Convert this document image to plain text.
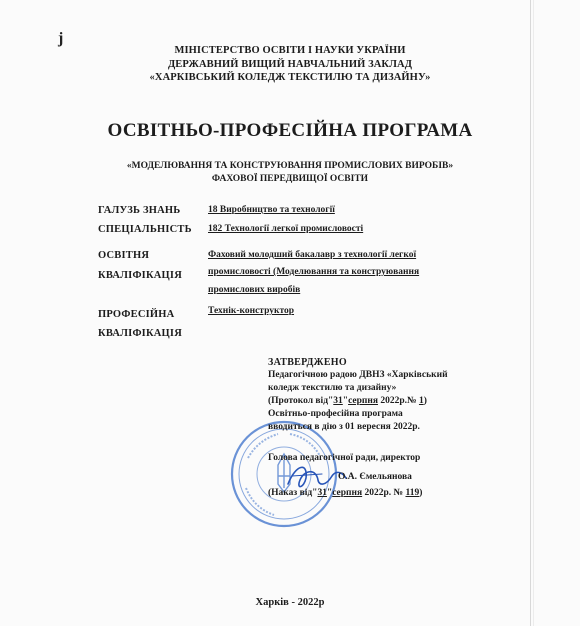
j
МІНІСТЕРСТВО ОСВІТИ І НАУКИ УКРАЇНИ
ДЕРЖАВНИЙ ВИЩИЙ НАВЧАЛЬНИЙ ЗАКЛАД
«ХАРКІВСЬКИЙ КОЛЕДЖ ТЕКСТИЛЮ ТА ДИЗАЙНУ»
ОСВІТНЬО-ПРОФЕСІЙНА ПРОГРАМА
«МОДЕЛЮВАННЯ ТА КОНСТРУЮВАННЯ ПРОМИСЛОВИХ ВИРОБІВ»
ФАХОВОЇ ПЕРЕДВИЩОЇ ОСВІТИ
ГАЛУЗЬ ЗНАНЬ	18 Виробництво та технології
СПЕЦІАЛЬНІСТЬ 182 Технології легкої промисловості
ОСВІТНЯ
КВАЛІФІКАЦІЯ
Фаховий молодший бакалавр з технології легкої
промисловості (Моделювання та конструювання
промислових виробів
ПРОФЕСІЙНА
КВАЛІФІКАЦІЯ
Технік-конструктор
ЗАТВЕРДЖЕНО
Педагогічною радою ДВНЗ «Харківський
коледж текстилю та дизайну»
(Протокол від"31"серпня 2022р.№ 1)
Освітньо-професійна програма
вводиться в дію з 01 вересня 2022р.
Голова педагогічної ради, директор
О.А. Ємельянова
(Наказ від"31"серпня 2022р. № 119)
Харків - 2022р
